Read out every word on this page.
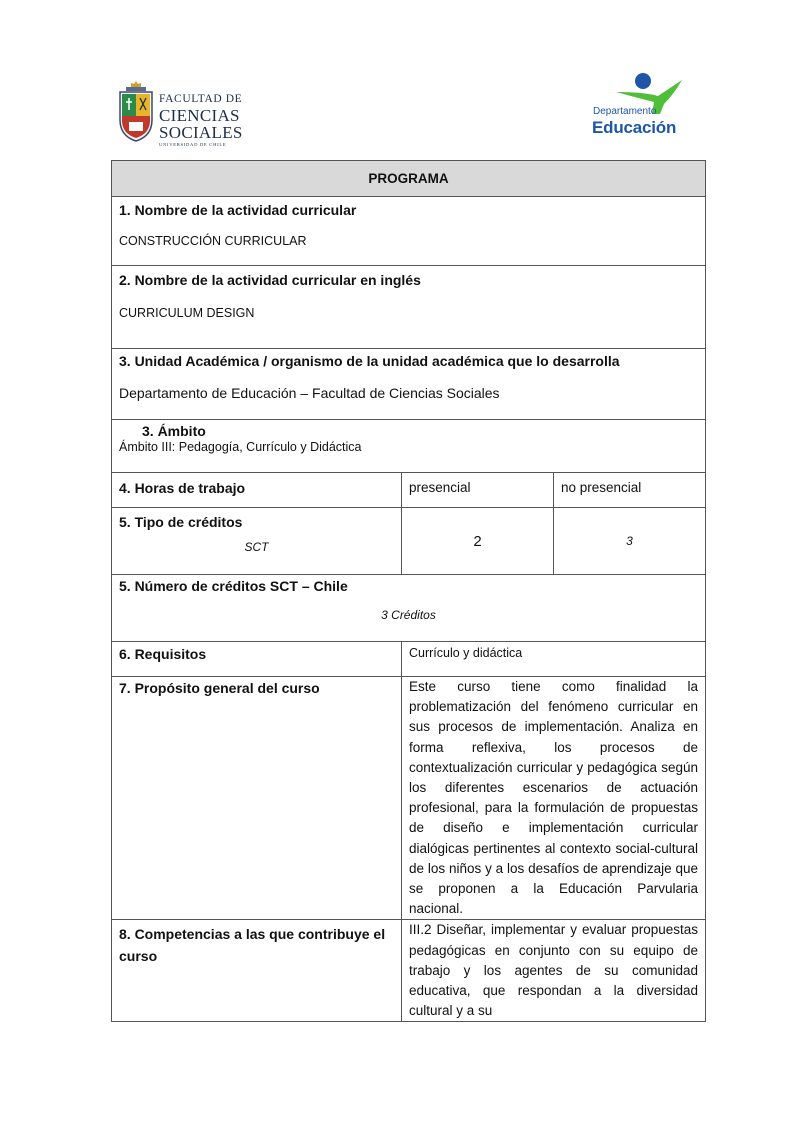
FACULTAD DE
CIENCIAS
SOCIALES
UNIVERSIDAD DE CHILE
Departamento
Educación
PROGRAMA		

1. Nombre de la actividad curricular
CONSTRUCCIÓN CURRICULAR		

2. Nombre de la actividad curricular en inglés
CURRICULUM DESIGN		

3. Unidad Académica / organismo de la unidad académica que lo desarrolla
Departamento de Educación – Facultad de Ciencias Sociales		

3. Ámbito
Ámbito III: Pedagogía, Currículo y Didáctica		

4. Horas de trabajo	presencial	no presencial

5. Tipo de créditos
SCT	2	3

5. Número de créditos SCT – Chile
3 Créditos		

6. Requisitos	Currículo y didáctica	

7. Propósito general del curso	Este curso tiene como finalidad la problematización del fenómeno curricular en sus procesos de implementación. Analiza en forma reflexiva, los procesos de contextualización curricular y pedagógica según los diferentes escenarios de actuación profesional, para la formulación de propuestas de diseño e implementación curricular dialógicas pertinentes al contexto social-cultural de los niños y a los desafíos de aprendizaje que se proponen a la Educación Parvularia nacional.	

8. Competencias a las que contribuye el curso	III.2 Diseñar, implementar y evaluar propuestas pedagógicas en conjunto con su equipo de trabajo y los agentes de su comunidad educativa, que respondan a la diversidad cultural y a su	
